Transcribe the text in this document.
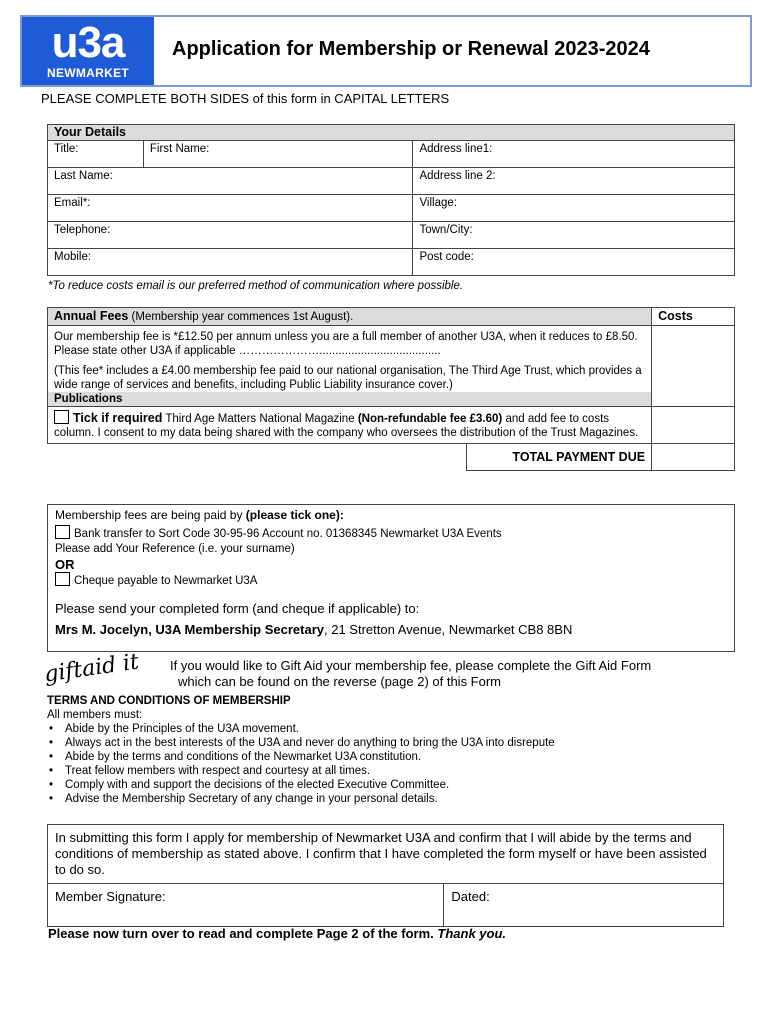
u3a
NEWMARKET
Application for Membership or Renewal 2023-2024
PLEASE COMPLETE BOTH SIDES of this form in CAPITAL LETTERS
Your Details		
Title:	First Name:	Address line1:
Last Name:		Address line 2:
Email*:		Village:
Telephone:		Town/City:
Mobile:		Post code:
*To reduce costs email is our preferred method of communication where possible.
Annual Fees (Membership year commences 1st August).		Costs

Our membership fee is *£12.50 per annum unless you are a full member of another U3A, when it reduces to £8.50. Please state other U3A if applicable …………………......................................

(This fee* includes a £4.00 membership fee paid to our national organisation, The Third Age Trust, which provides a wide range of services and benefits, including Public Liability insurance cover.)		

Publications		
Tick if required Third Age Matters National Magazine (Non-refundable fee £3.60) and add fee to costs column. I consent to my data being shared with the company who oversees the distribution of the Trust Magazines.		
	TOTAL PAYMENT DUE	

Membership fees are being paid by (please tick one):

Bank transfer to Sort Code 30-95-96 Account no. 01368345 Newmarket U3A Events

Please add Your Reference (i.e. your surname)

OR

Cheque payable to Newmarket U3A

Please send your completed form (and cheque if applicable) to:

Mrs M. Jocelyn, U3A Membership Secretary, 21 Stretton Avenue, Newmarket CB8 8BN

giftaid it If you would like to Gift Aid your membership fee, please complete the Gift Aid Form

which can be found on the reverse (page 2) of this Form

TERMS AND CONDITIONS OF MEMBERSHIP

All members must:

• Abide by the Principles of the U3A movement.
• Always act in the best interests of the U3A and never do anything to bring the U3A into disrepute
• Abide by the terms and conditions of the Newmarket U3A constitution.
• Treat fellow members with respect and courtesy at all times.
• Comply with and support the decisions of the elected Executive Committee.
• Advise the Membership Secretary of any change in your personal details.
In submitting this form I apply for membership of Newmarket U3A and confirm that I will abide by the terms and conditions of membership as stated above. I confirm that I have completed the form myself or have been assisted to do so.
Member Signature:	Dated:
Please now turn over to read and complete Page 2 of the form. Thank you.
